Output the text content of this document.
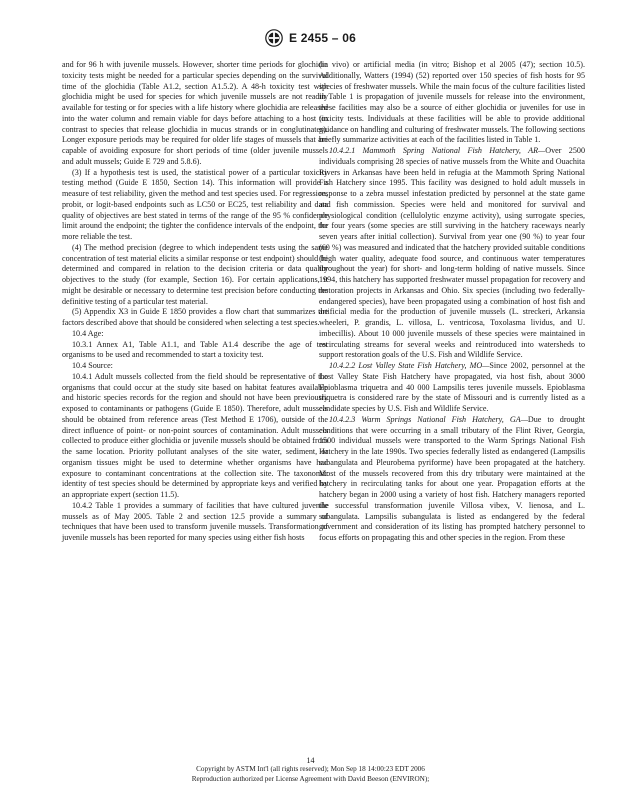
E 2455 – 06

and for 96 h with juvenile mussels. However, shorter time periods for glochidia toxicity tests might be needed for a particular species depending on the survival time of the glochidia (Table A1.2, section A1.5.2). A 48-h toxicity test with glochidia might be used for species for which juvenile mussels are not readily available for testing or for species with a life history where glochidia are released into the water column and remain viable for days before attaching to a host (in contrast to species that release glochidia in mucus strands or in conglutinates). Longer exposure periods may be required for older life stages of mussels that are capable of avoiding exposure for short periods of time (older juvenile mussels and adult mussels; Guide E 729 and 5.8.6).

(3) If a hypothesis test is used, the statistical power of a particular toxicity testing method (Guide E 1850, Section 14). This information will provide a measure of test reliability, given the method and test species used. For regression, probit, or logit-based endpoints such as LC50 or EC25, test reliability and data quality of objectives are best stated in terms of the range of the 95 % confidence limit around the endpoint; the tighter the confidence intervals of the endpoint, the more reliable the test.

(4) The method precision (degree to which independent tests using the same concentration of test material elicits a similar response or test endpoint) should be determined and compared in relation to the decision criteria or data quality objectives to the study (for example, Section 16). For certain applications, it might be desirable or necessary to determine test precision before conducting the definitive testing of a particular test material.

(5) Appendix X3 in Guide E 1850 provides a flow chart that summarizes the factors described above that should be considered when selecting a test species.

10.4 Age:

10.3.1 Annex A1, Table A1.1, and Table A1.4 describe the age of test organisms to be used and recommended to start a toxicity test.

10.4 Source:

10.4.1 Adult mussels collected from the field should be representative of the organisms that could occur at the study site based on habitat features available and historic species records for the region and should not have been previously exposed to contaminants or pathogens (Guide E 1850). Therefore, adult mussels should be obtained from reference areas (Test Method E 1706), outside of the direct influence of point- or non-point sources of contamination. Adult mussels collected to produce either glochidia or juvenile mussels should be obtained from the same location. Priority pollutant analyses of the site water, sediment, or organism tissues might be used to determine whether organisms have had exposure to contaminant concentrations at the collection site. The taxonomic identity of test species should be determined by appropriate keys and verified by an appropriate expert (section 11.5).

10.4.2 Table 1 provides a summary of facilities that have cultured juvenile mussels as of May 2005. Table 2 and section 12.5 provide a summary of techniques that have been used to transform juvenile mussels. Transformation of juvenile mussels has been reported for many species using either fish hosts

(in vivo) or artificial media (in vitro; Bishop et al 2005 (47); section 10.5). Additionally, Watters (1994) (52) reported over 150 species of fish hosts for 95 species of freshwater mussels. While the main focus of the culture facilities listed in Table 1 is propagation of juvenile mussels for release into the environment, these facilities may also be a source of either glochidia or juveniles for use in toxicity tests. Individuals at these facilities will be able to provide additional guidance on handling and culturing of freshwater mussels. The following sections briefly summarize activities at each of the facilities listed in Table 1.

10.4.2.1 Mammoth Spring National Fish Hatchery, AR—Over 2500 individuals comprising 28 species of native mussels from the White and Ouachita Rivers in Arkansas have been held in refugia at the Mammoth Spring National Fish Hatchery since 1995. This facility was designed to hold adult mussels in response to a zebra mussel infestation predicted by personnel at the state game and fish commission. Species were held and monitored for survival and physiological condition (cellulolytic enzyme activity), using surrogate species, for four years (some species are still surviving in the hatchery raceways nearly seven years after initial collection). Survival from year one (90 %) to year four (60 %) was measured and indicated that the hatchery provided suitable conditions (high water quality, adequate food source, and continuous water temperatures throughout the year) for short- and long-term holding of native mussels. Since 1994, this hatchery has supported freshwater mussel propagation for recovery and restoration projects in Arkansas and Ohio. Six species (including two federally-endangered species), have been propagated using a combination of host fish and artificial media for the production of juvenile mussels (L. streckeri, Arkansia wheeleri, P. grandis, L. villosa, L. ventricosa, Toxolasma lividus, and U. imbecillis). About 10 000 juvenile mussels of these species were maintained in recirculating streams for several weeks and reintroduced into watersheds to support restoration goals of the U.S. Fish and Wildlife Service.

10.4.2.2 Lost Valley State Fish Hatchery, MO—Since 2002, personnel at the Lost Valley State Fish Hatchery have propagated, via host fish, about 3000 Epioblasma triquetra and 40 000 Lampsilis teres juvenile mussels. Epioblasma triquetra is considered rare by the state of Missouri and is currently listed as a candidate species by U.S. Fish and Wildlife Service.

10.4.2.3 Warm Springs National Fish Hatchery, GA—Due to drought conditions that were occurring in a small tributary of the Flint River, Georgia, 1500 individual mussels were transported to the Warm Springs National Fish Hatchery in the late 1990s. Two species federally listed as endangered (Lampsilis subangulata and Pleurobema pyriforme) have been propagated at the hatchery. Most of the mussels recovered from this dry tributary were maintained at the hatchery in recirculating tanks for about one year. Propagation efforts at the hatchery began in 2000 using a variety of host fish. Hatchery managers reported the successful transformation juvenile Villosa vibex, V. lienosa, and L. subangulata. Lampsilis subangulata is listed as endangered by the federal government and consideration of its listing has prompted hatchery personnel to focus efforts on propagating this and other species in the region. From these

14
Copyright by ASTM Int'l (all rights reserved); Mon Sep 18 14:00:23 EDT 2006
Reproduction authorized per License Agreement with David Beeson (ENVIRON);
